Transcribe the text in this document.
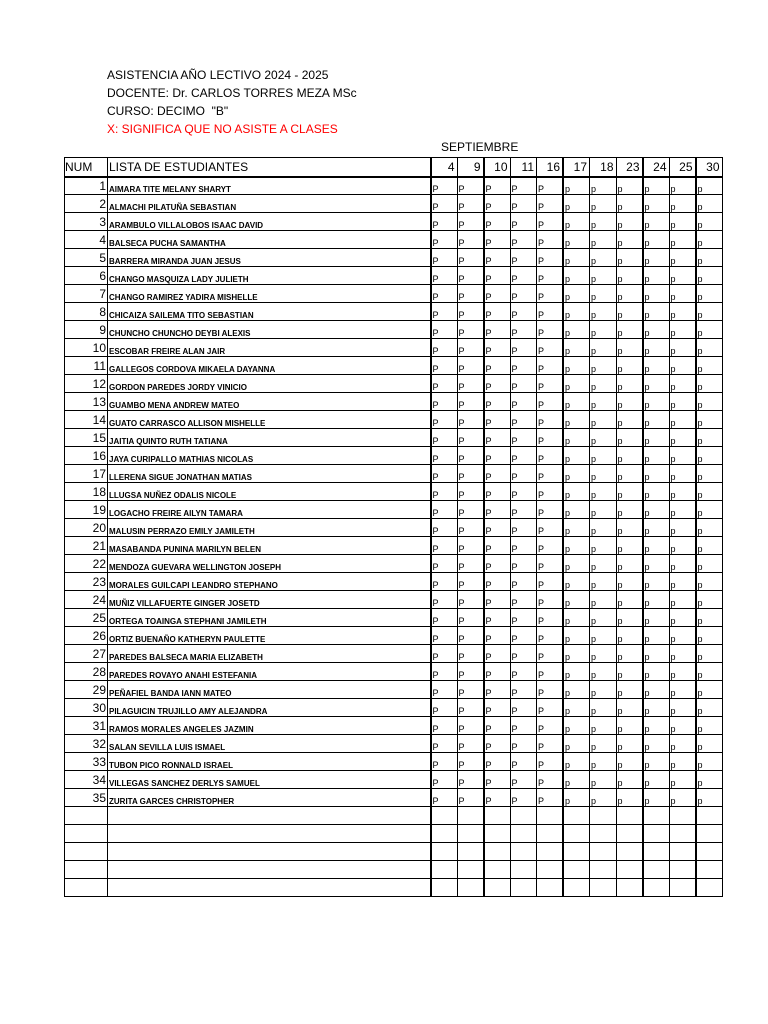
ASISTENCIA AÑO LECTIVO 2024 - 2025
DOCENTE: Dr. CARLOS TORRES MEZA MSc
CURSO: DECIMO  "B"
X: SIGNIFICA QUE NO ASISTE A CLASES
SEPTIEMBRE
NUM	LISTA DE ESTUDIANTES	4	9	10	11	16	17	18	23	24	25	30
1	AIMARA TITE MELANY SHARYT	P	P	P	P	P	p	p	p	p	p	p
2	ALMACHI PILATUÑA SEBASTIAN	P	P	P	P	P	p	p	p	p	p	p
3	ARAMBULO VILLALOBOS ISAAC DAVID	P	P	P	P	P	p	p	p	p	p	p
4	BALSECA PUCHA SAMANTHA	P	P	P	P	P	p	p	p	p	p	p
5	BARRERA MIRANDA JUAN JESUS	P	P	P	P	P	p	p	p	p	p	p
6	CHANGO MASQUIZA LADY JULIETH	P	P	P	P	P	p	p	p	p	p	p
7	CHANGO RAMIREZ YADIRA MISHELLE	P	P	P	P	P	p	p	p	p	p	p
8	CHICAIZA SAILEMA TITO SEBASTIAN	P	P	P	P	P	p	p	p	p	p	p
9	CHUNCHO CHUNCHO DEYBI ALEXIS	P	P	P	P	P	p	p	p	p	p	p
10	ESCOBAR FREIRE ALAN JAIR	P	P	P	P	P	p	p	p	p	p	p
11	GALLEGOS CORDOVA MIKAELA DAYANNA	P	P	P	P	P	p	p	p	p	p	p
12	GORDON PAREDES JORDY VINICIO	P	P	P	P	P	p	p	p	p	p	p
13	GUAMBO MENA ANDREW MATEO	P	P	P	P	P	p	p	p	p	p	p
14	GUATO CARRASCO ALLISON MISHELLE	P	P	P	P	P	p	p	p	p	p	p
15	JAITIA QUINTO RUTH TATIANA	P	P	P	P	P	p	p	p	p	p	p
16	JAYA CURIPALLO MATHIAS NICOLAS	P	P	P	P	P	p	p	p	p	p	p
17	LLERENA SIGUE JONATHAN MATIAS	P	P	P	P	P	p	p	p	p	p	p
18	LLUGSA NUÑEZ ODALIS NICOLE	P	P	P	P	P	p	p	p	p	p	p
19	LOGACHO FREIRE AILYN TAMARA	P	P	P	P	P	p	p	p	p	p	p
20	MALUSIN PERRAZO EMILY JAMILETH	P	P	P	P	P	p	p	p	p	p	p
21	MASABANDA PUNINA MARILYN BELEN	P	P	P	P	P	p	p	p	p	p	p
22	MENDOZA GUEVARA WELLINGTON JOSEPH	P	P	P	P	P	p	p	p	p	p	p
23	MORALES GUILCAPI LEANDRO STEPHANO	P	P	P	P	P	p	p	p	p	p	p
24	MUÑIZ VILLAFUERTE GINGER JOSETD	P	P	P	P	P	p	p	p	p	p	p
25	ORTEGA TOAINGA STEPHANI JAMILETH	P	P	P	P	P	p	p	p	p	p	p
26	ORTIZ BUENAÑO KATHERYN PAULETTE	P	P	P	P	P	p	p	p	p	p	p
27	PAREDES BALSECA MARIA ELIZABETH	P	P	P	P	P	p	p	p	p	p	p
28	PAREDES ROVAYO ANAHI ESTEFANIA	P	P	P	P	P	p	p	p	p	p	p
29	PEÑAFIEL BANDA IANN MATEO	P	P	P	P	P	p	p	p	p	p	p
30	PILAGUICIN TRUJILLO AMY ALEJANDRA	P	P	P	P	P	p	p	p	p	p	p
31	RAMOS MORALES ANGELES JAZMIN	P	P	P	P	P	p	p	p	p	p	p
32	SALAN SEVILLA LUIS ISMAEL	P	P	P	P	P	p	p	p	p	p	p
33	TUBON PICO RONNALD ISRAEL	P	P	P	P	P	p	p	p	p	p	p
34	VILLEGAS SANCHEZ DERLYS SAMUEL	P	P	P	P	P	p	p	p	p	p	p
35	ZURITA GARCES CHRISTOPHER	P	P	P	P	P	p	p	p	p	p	p
